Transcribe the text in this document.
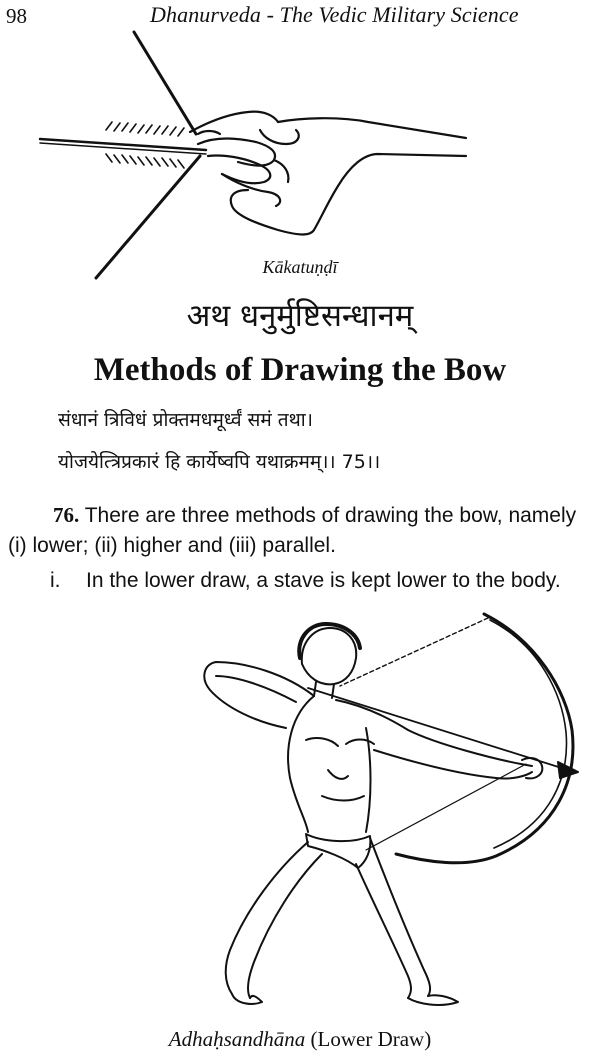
98	Dhanurveda - The Vedic Military Science
Kākatuṇḍī
अथ धनुर्मुष्टिसन्धानम्
Methods of Drawing the Bow
संधानं त्रिविधं प्रोक्तमधमूर्ध्वं समं तथा।
योजयेत्त्रिप्रकारं हि कार्येष्वपि यथाक्रमम्।। 75।।
76. There are three methods of drawing the bow, namely (i) lower; (ii) higher and (iii) parallel.
i. In the lower draw, a stave is kept lower to the body.
Adhaḥsandhāna (Lower Draw)
